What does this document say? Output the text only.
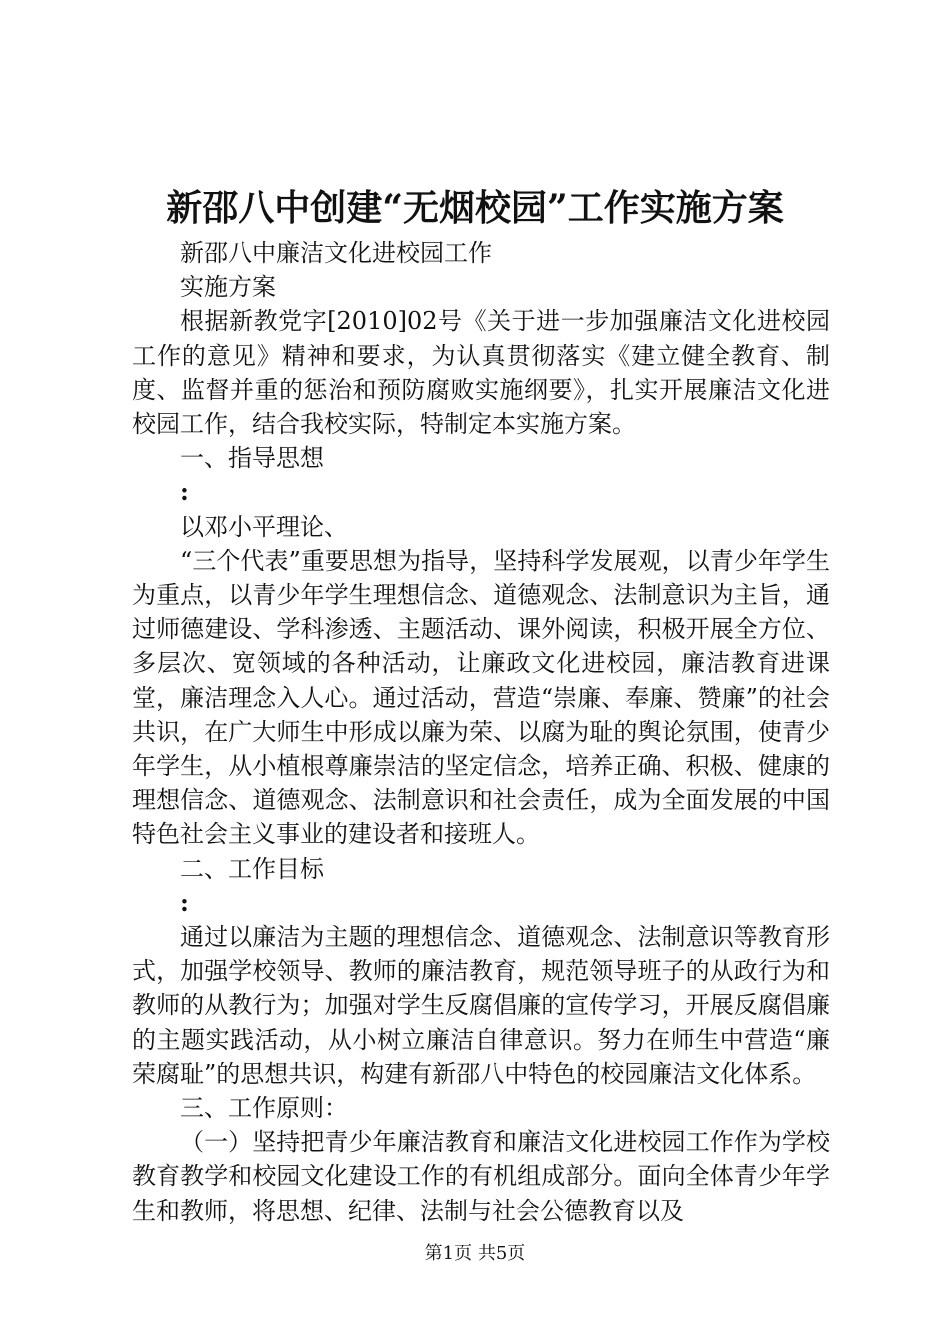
新邵八中创建“无烟校园”工作实施方案

新邵八中廉洁文化进校园工作

实施方案

根据新教党字[2010]02号《关于进一步加强廉洁文化进校园工作的意见》精神和要求，为认真贯彻落实《建立健全教育、制度、监督并重的惩治和预防腐败实施纲要》，扎实开展廉洁文化进校园工作，结合我校实际，特制定本实施方案。

一、指导思想

:

以邓小平理论、

“三个代表”重要思想为指导，坚持科学发展观，以青少年学生为重点，以青少年学生理想信念、道德观念、法制意识为主旨，通过师德建设、学科渗透、主题活动、课外阅读，积极开展全方位、多层次、宽领域的各种活动，让廉政文化进校园，廉洁教育进课堂，廉洁理念入人心。通过活动，营造“崇廉、奉廉、赞廉”的社会共识，在广大师生中形成以廉为荣、以腐为耻的舆论氛围，使青少年学生，从小植根尊廉崇洁的坚定信念，培养正确、积极、健康的理想信念、道德观念、法制意识和社会责任，成为全面发展的中国特色社会主义事业的建设者和接班人。

二、工作目标

:

通过以廉洁为主题的理想信念、道德观念、法制意识等教育形式，加强学校领导、教师的廉洁教育，规范领导班子的从政行为和教师的从教行为；加强对学生反腐倡廉的宣传学习，开展反腐倡廉的主题实践活动，从小树立廉洁自律意识。努力在师生中营造“廉荣腐耻”的思想共识，构建有新邵八中特色的校园廉洁文化体系。

三、工作原则：

（一）坚持把青少年廉洁教育和廉洁文化进校园工作作为学校教育教学和校园文化建设工作的有机组成部分。面向全体青少年学生和教师，将思想、纪律、法制与社会公德教育以及

第1页 共5页
